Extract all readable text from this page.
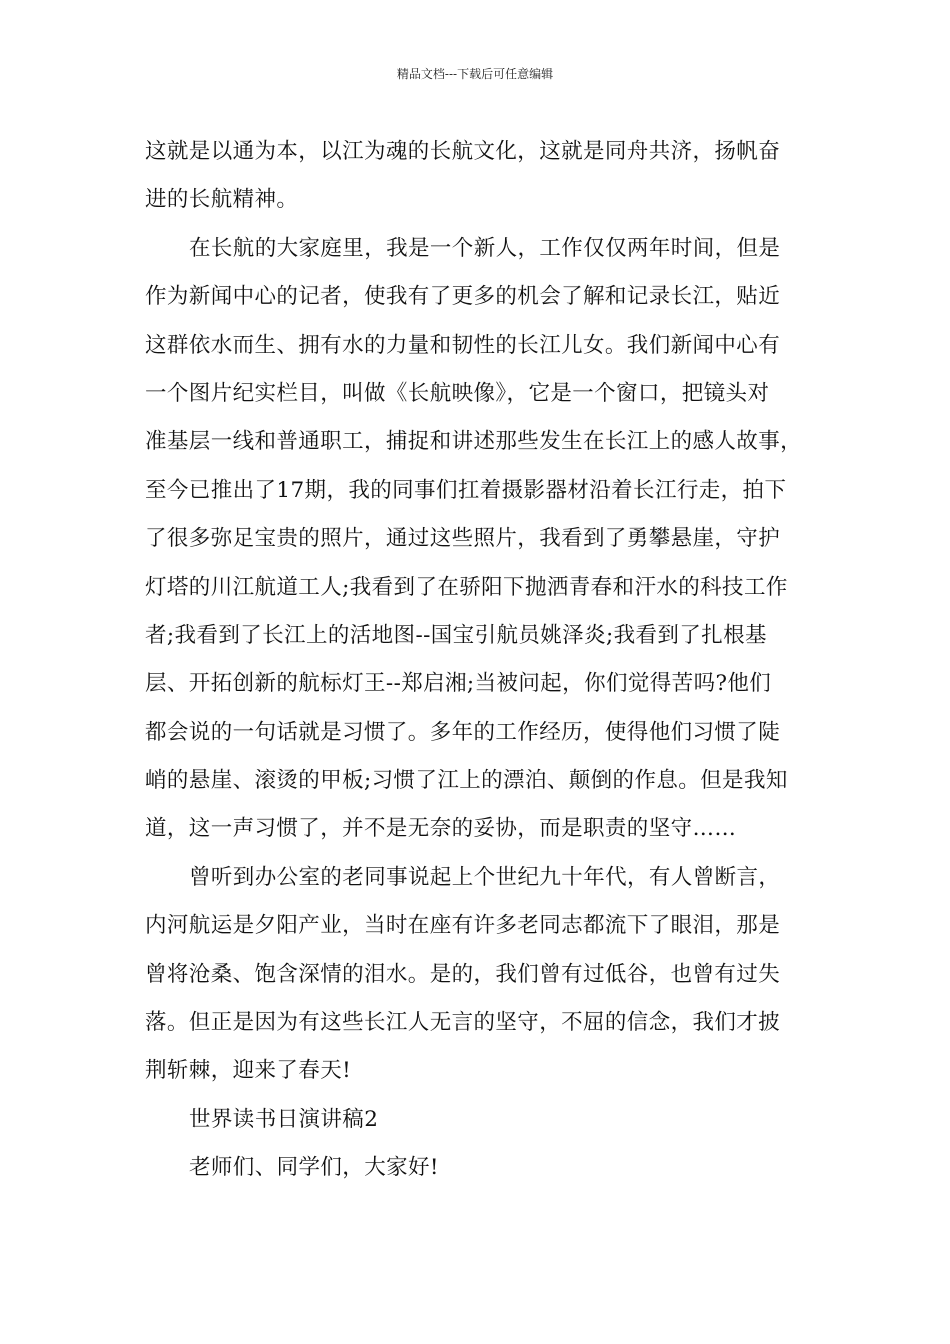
精品文档---下载后可任意编辑
这就是以通为本，以江为魂的长航文化，这就是同舟共济，扬帆奋
进的长航精神。
在长航的大家庭里，我是一个新人，工作仅仅两年时间，但是
作为新闻中心的记者，使我有了更多的机会了解和记录长江，贴近
这群依水而生、拥有水的力量和韧性的长江儿女。我们新闻中心有
一个图片纪实栏目，叫做《长航映像》，它是一个窗口，把镜头对
准基层一线和普通职工，捕捉和讲述那些发生在长江上的感人故事，
至今已推出了17期，我的同事们扛着摄影器材沿着长江行走，拍下
了很多弥足宝贵的照片，通过这些照片，我看到了勇攀悬崖，守护
灯塔的川江航道工人;我看到了在骄阳下抛洒青春和汗水的科技工作
者;我看到了长江上的活地图--国宝引航员姚泽炎;我看到了扎根基
层、开拓创新的航标灯王--郑启湘;当被问起，你们觉得苦吗?他们
都会说的一句话就是习惯了。多年的工作经历，使得他们习惯了陡
峭的悬崖、滚烫的甲板;习惯了江上的漂泊、颠倒的作息。但是我知
道，这一声习惯了，并不是无奈的妥协，而是职责的坚守……
曾听到办公室的老同事说起上个世纪九十年代，有人曾断言，
内河航运是夕阳产业，当时在座有许多老同志都流下了眼泪，那是
曾将沧桑、饱含深情的泪水。是的，我们曾有过低谷，也曾有过失
落。但正是因为有这些长江人无言的坚守，不屈的信念，我们才披
荆斩棘，迎来了春天!
世界读书日演讲稿2
老师们、同学们，大家好!
